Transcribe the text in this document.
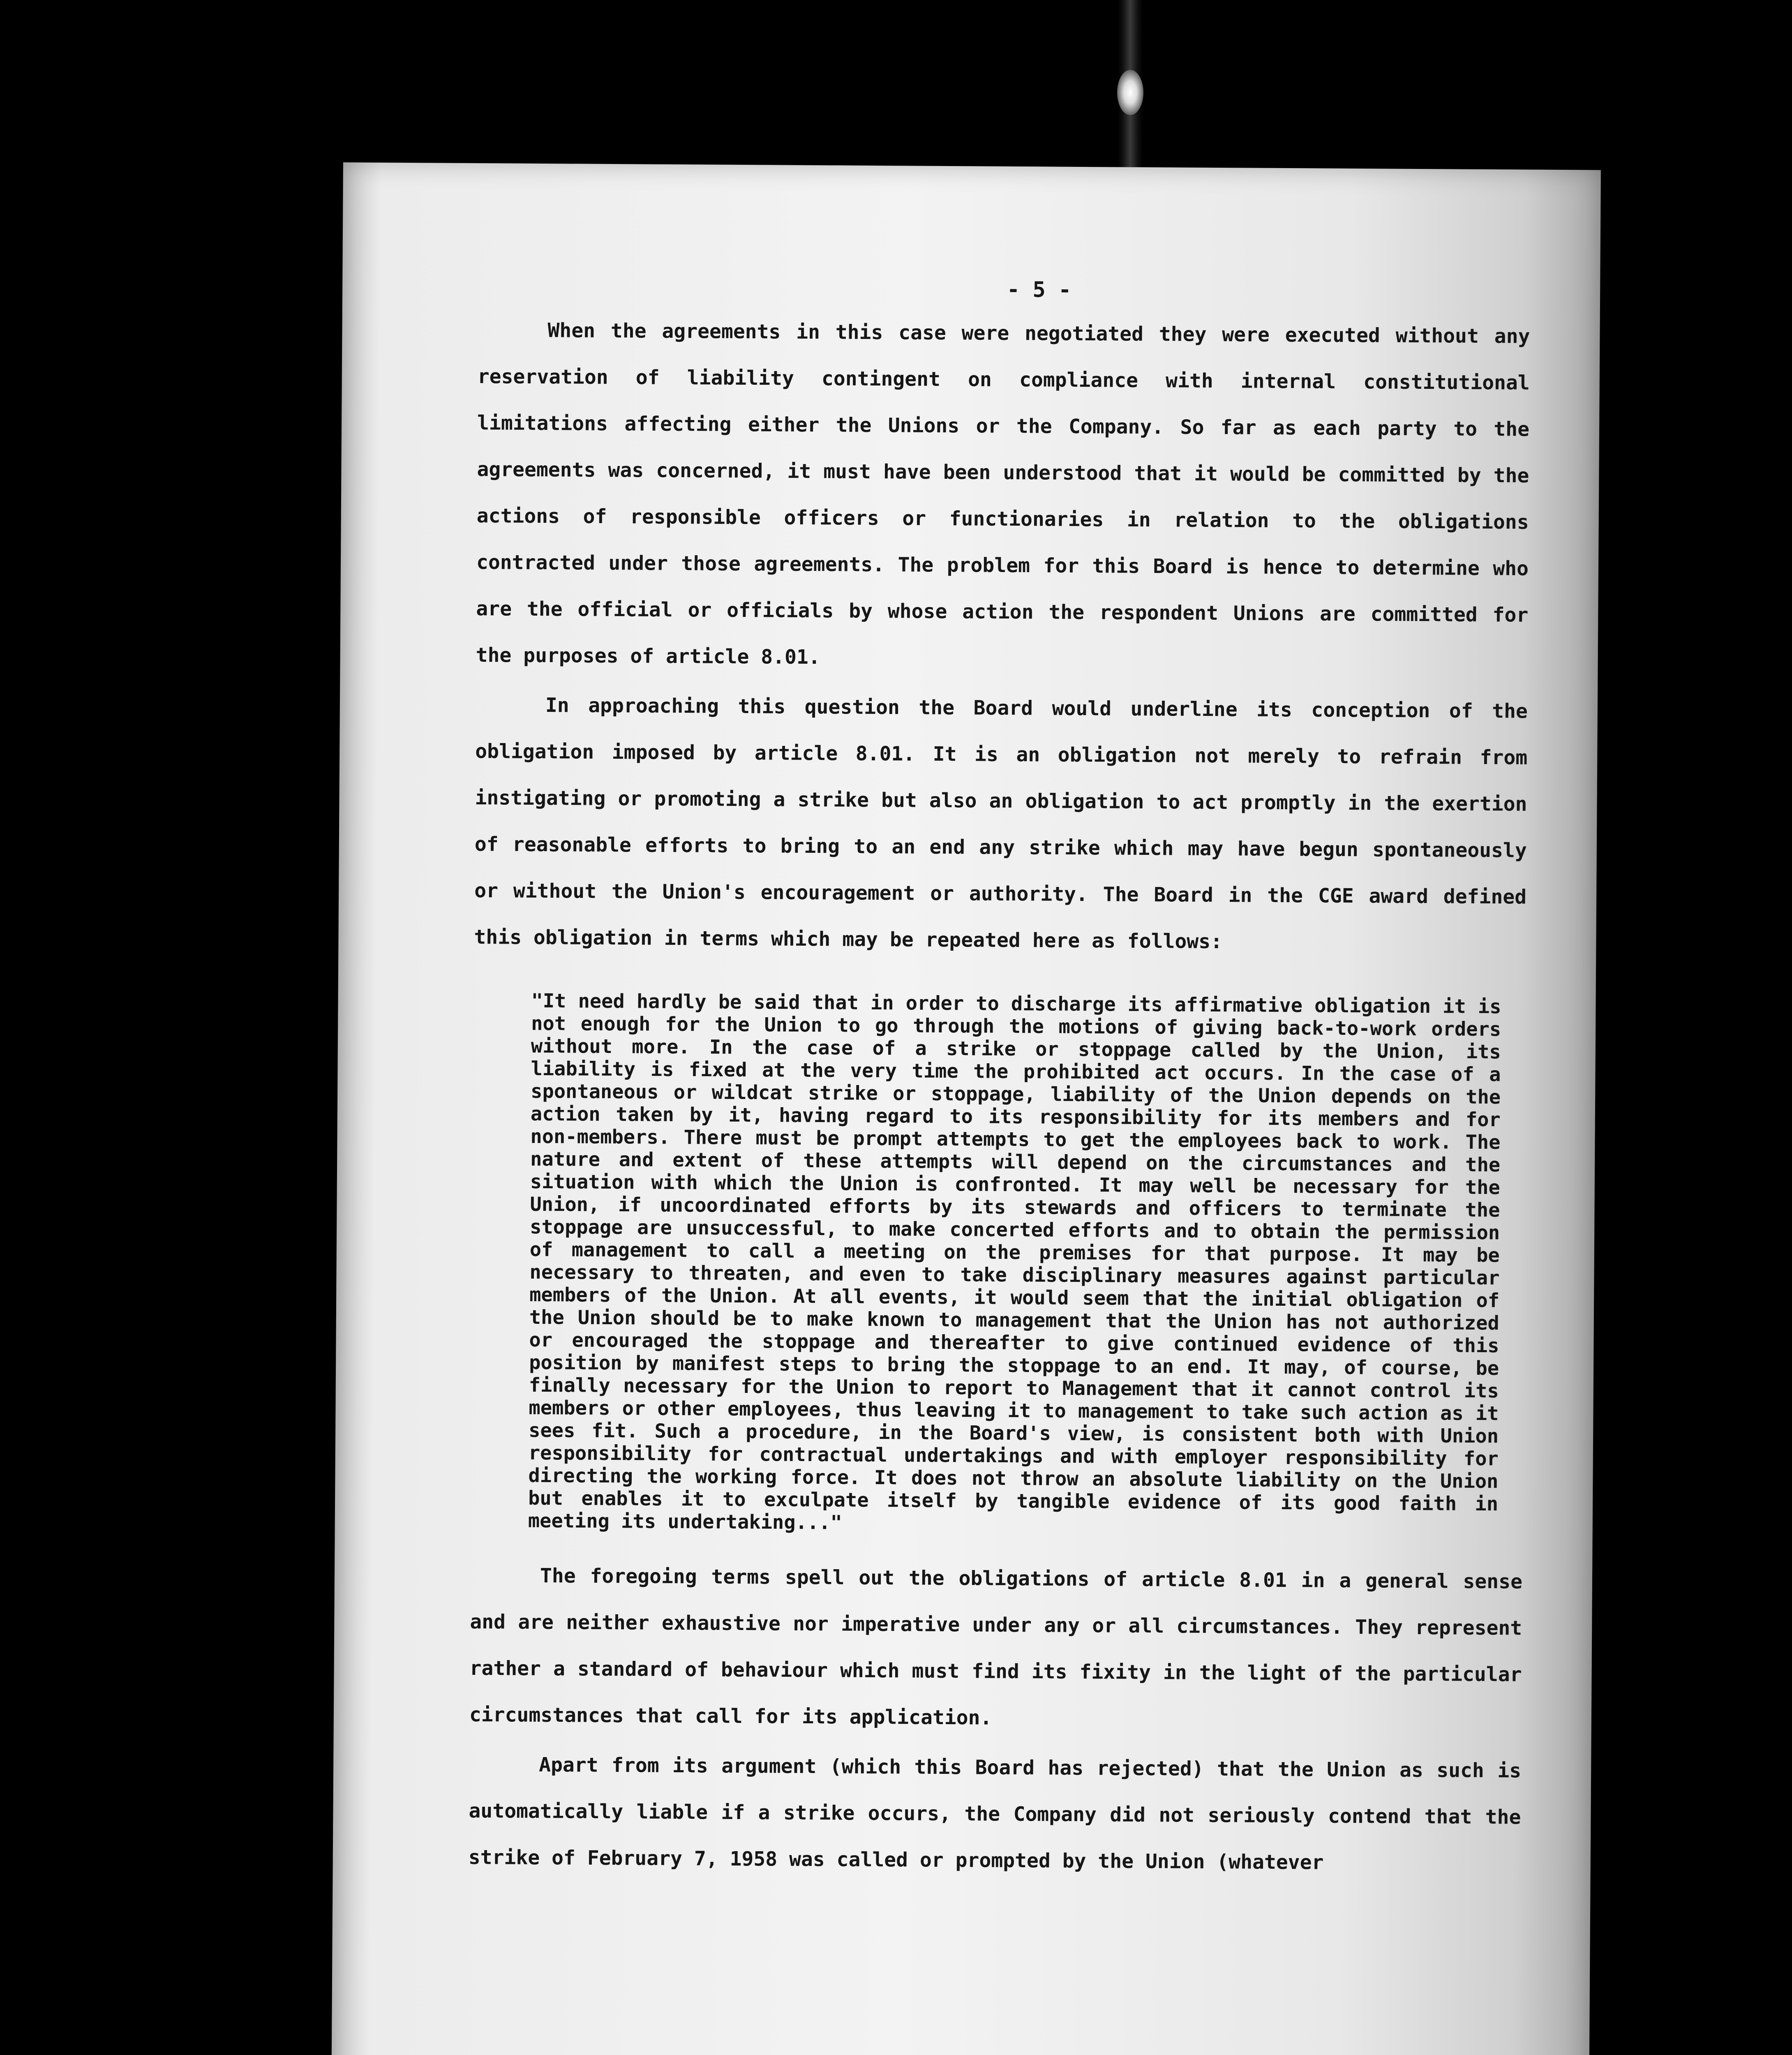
- 5 -

When the agreements in this case were negotiated they were executed without any reservation of liability contingent on compliance with internal constitutional limitations affecting either the Unions or the Company. So far as each party to the agreements was concerned, it must have been understood that it would be committed by the actions of responsible officers or functionaries in relation to the obligations contracted under those agreements. The problem for this Board is hence to determine who are the official or officials by whose action the respondent Unions are committed for the purposes of article 8.01.

In approaching this question the Board would underline its conception of the obligation imposed by article 8.01. It is an obligation not merely to refrain from instigating or promoting a strike but also an obligation to act promptly in the exertion of reasonable efforts to bring to an end any strike which may have begun spontaneously or without the Union's encouragement or authority. The Board in the CGE award defined this obligation in terms which may be repeated here as follows:

"It need hardly be said that in order to discharge its affirmative obligation it is not enough for the Union to go through the motions of giving back-to-work orders without more. In the case of a strike or stoppage called by the Union, its liability is fixed at the very time the prohibited act occurs. In the case of a spontaneous or wildcat strike or stoppage, liability of the Union depends on the action taken by it, having regard to its responsibility for its members and for non-members. There must be prompt attempts to get the employees back to work. The nature and extent of these attempts will depend on the circumstances and the situation with which the Union is confronted. It may well be necessary for the Union, if uncoordinated efforts by its stewards and officers to terminate the stoppage are unsuccessful, to make concerted efforts and to obtain the permission of management to call a meeting on the premises for that purpose. It may be necessary to threaten, and even to take disciplinary measures against particular members of the Union. At all events, it would seem that the initial obligation of the Union should be to make known to management that the Union has not authorized or encouraged the stoppage and thereafter to give continued evidence of this position by manifest steps to bring the stoppage to an end. It may, of course, be finally necessary for the Union to report to Management that it cannot control its members or other employees, thus leaving it to management to take such action as it sees fit. Such a procedure, in the Board's view, is consistent both with Union responsibility for contractual undertakings and with employer responsibility for directing the working force. It does not throw an absolute liability on the Union but enables it to exculpate itself by tangible evidence of its good faith in meeting its undertaking..."

The foregoing terms spell out the obligations of article 8.01 in a general sense and are neither exhaustive nor imperative under any or all circumstances. They represent rather a standard of behaviour which must find its fixity in the light of the particular circumstances that call for its application.

Apart from its argument (which this Board has rejected) that the Union as such is automatically liable if a strike occurs, the Company did not seriously contend that the strike of February 7, 1958 was called or prompted by the Union (whatever
